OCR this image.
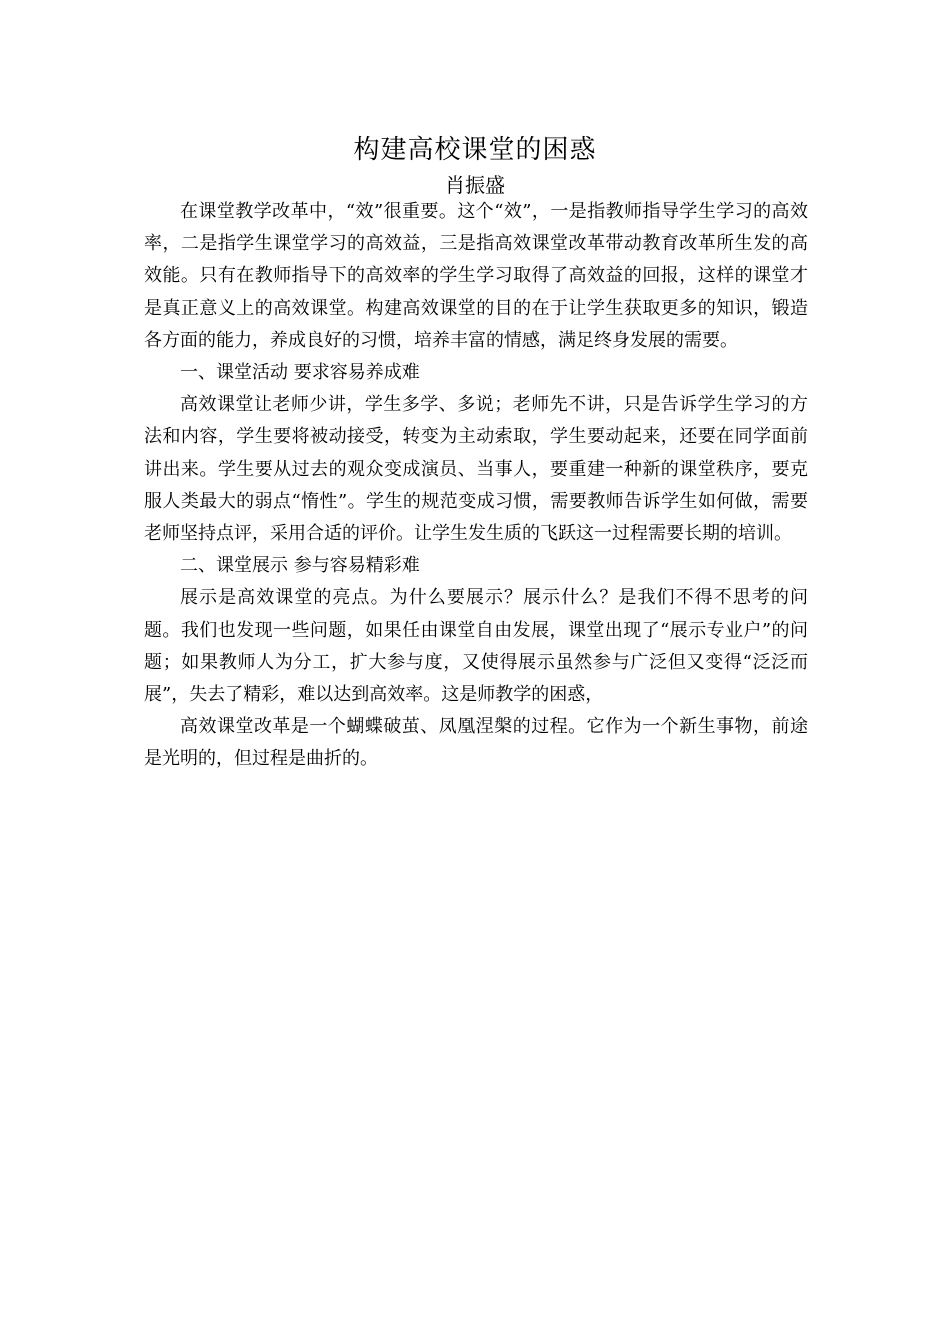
构建高校课堂的困惑
肖振盛

在课堂教学改革中，“效”很重要。这个“效”，一是指教师指导学生学习的高效率，二是指学生课堂学习的高效益，三是指高效课堂改革带动教育改革所生发的高效能。只有在教师指导下的高效率的学生学习取得了高效益的回报，这样的课堂才是真正意义上的高效课堂。构建高效课堂的目的在于让学生获取更多的知识，锻造各方面的能力，养成良好的习惯，培养丰富的情感，满足终身发展的需要。

一、课堂活动 要求容易养成难

高效课堂让老师少讲，学生多学、多说；老师先不讲，只是告诉学生学习的方法和内容，学生要将被动接受，转变为主动索取，学生要动起来，还要在同学面前讲出来。学生要从过去的观众变成演员、当事人，要重建一种新的课堂秩序，要克服人类最大的弱点“惰性”。学生的规范变成习惯，需要教师告诉学生如何做，需要老师坚持点评，采用合适的评价。让学生发生质的飞跃这一过程需要长期的培训。

二、课堂展示 参与容易精彩难

展示是高效课堂的亮点。为什么要展示？展示什么？是我们不得不思考的问题。我们也发现一些问题，如果任由课堂自由发展，课堂出现了“展示专业户”的问题；如果教师人为分工，扩大参与度，又使得展示虽然参与广泛但又变得“泛泛而展”，失去了精彩，难以达到高效率。这是师教学的困惑，

高效课堂改革是一个蝴蝶破茧、凤凰涅槃的过程。它作为一个新生事物，前途是光明的，但过程是曲折的。
